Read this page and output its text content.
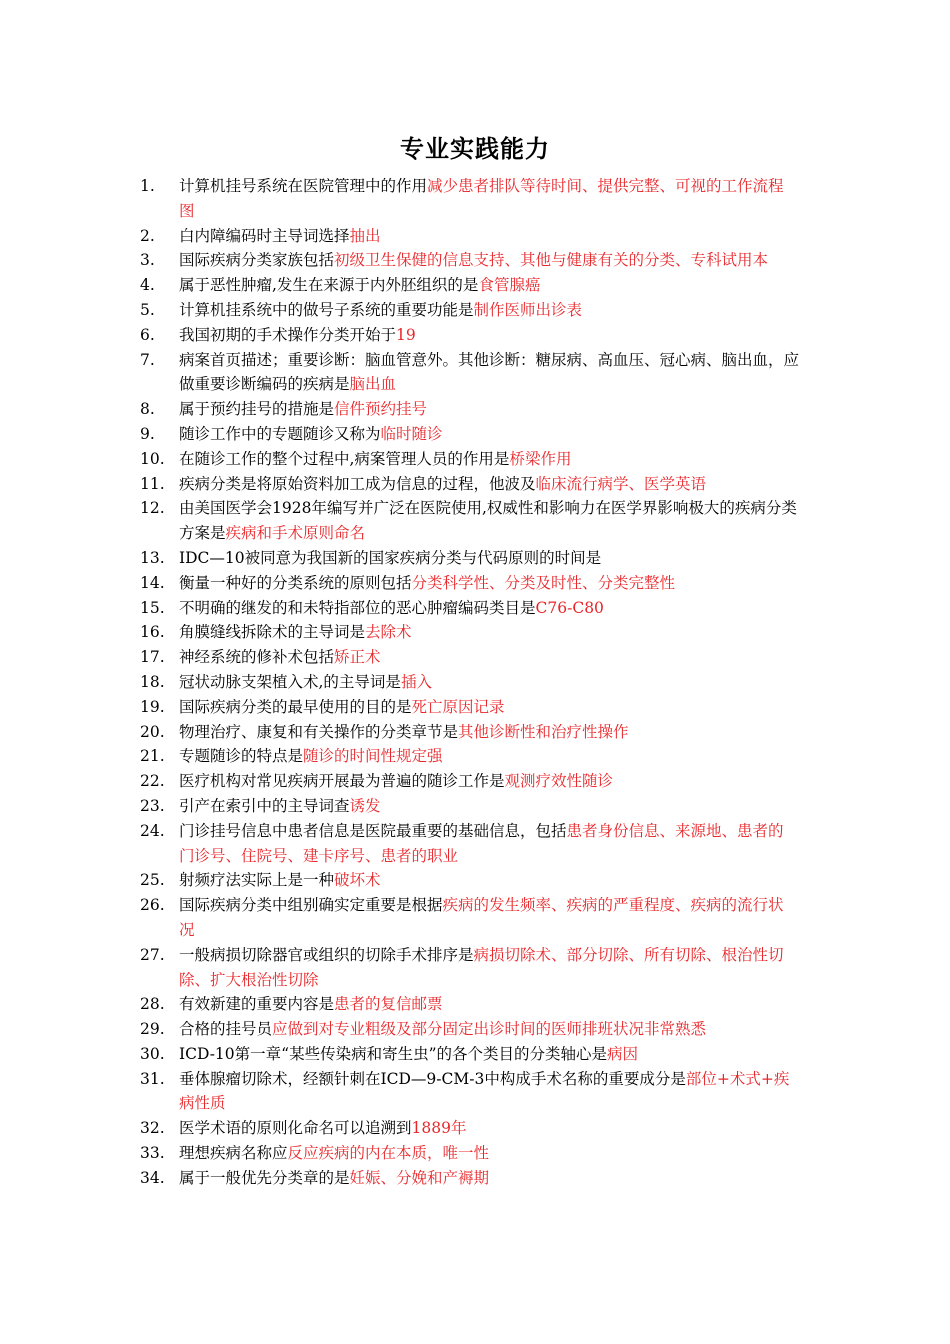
专业实践能力
1.	计算机挂号系统在医院管理中的作用减少患者排队等待时间、提供完整、可视的工作流程图
2.	白内障编码时主导词选择抽出
3.	国际疾病分类家族包括初级卫生保健的信息支持、其他与健康有关的分类、专科试用本
4.	属于恶性肿瘤,发生在来源于内外胚组织的是食管腺癌
5.	计算机挂系统中的做号子系统的重要功能是制作医师出诊表
6.	我国初期的手术操作分类开始于19
7.	病案首页描述；重要诊断：脑血管意外。其他诊断：糖尿病、高血压、冠心病、脑出血，应做重要诊断编码的疾病是脑出血
8.	属于预约挂号的措施是信件预约挂号
9.	随诊工作中的专题随诊又称为临时随诊
10. 在随诊工作的整个过程中,病案管理人员的作用是桥梁作用
11. 疾病分类是将原始资料加工成为信息的过程，他波及临床流行病学、医学英语
12. 由美国医学会1928年编写并广泛在医院使用,权威性和影响力在医学界影响极大的疾病分类方案是疾病和手术原则命名
13. IDC—10被同意为我国新的国家疾病分类与代码原则的时间是
14. 衡量一种好的分类系统的原则包括分类科学性、分类及时性、分类完整性
15. 不明确的继发的和未特指部位的恶心肿瘤编码类目是C76-C80
16. 角膜缝线拆除术的主导词是去除术
17. 神经系统的修补术包括矫正术
18. 冠状动脉支架植入术,的主导词是插入
19. 国际疾病分类的最早使用的目的是死亡原因记录
20. 物理治疗、康复和有关操作的分类章节是其他诊断性和治疗性操作
21. 专题随诊的特点是随诊的时间性规定强
22. 医疗机构对常见疾病开展最为普遍的随诊工作是观测疗效性随诊
23. 引产在索引中的主导词查诱发
24. 门诊挂号信息中患者信息是医院最重要的基础信息，包括患者身份信息、来源地、患者的门诊号、住院号、建卡序号、患者的职业
25. 射频疗法实际上是一种破坏术
26. 国际疾病分类中组别确实定重要是根据疾病的发生频率、疾病的严重程度、疾病的流行状况
27. 一般病损切除器官或组织的切除手术排序是病损切除术、部分切除、所有切除、根治性切除、扩大根治性切除
28. 有效新建的重要内容是患者的复信邮票
29. 合格的挂号员应做到对专业粗级及部分固定出诊时间的医师排班状况非常熟悉
30. ICD-10第一章“某些传染病和寄生虫”的各个类目的分类轴心是病因
31. 垂体腺瘤切除术，经额针刺在ICD—9-CM-3中构成手术名称的重要成分是部位+术式+疾病性质
32. 医学术语的原则化命名可以追溯到1889年
33. 理想疾病名称应反应疾病的内在本质，唯一性
34. 属于一般优先分类章的是妊娠、分娩和产褥期
